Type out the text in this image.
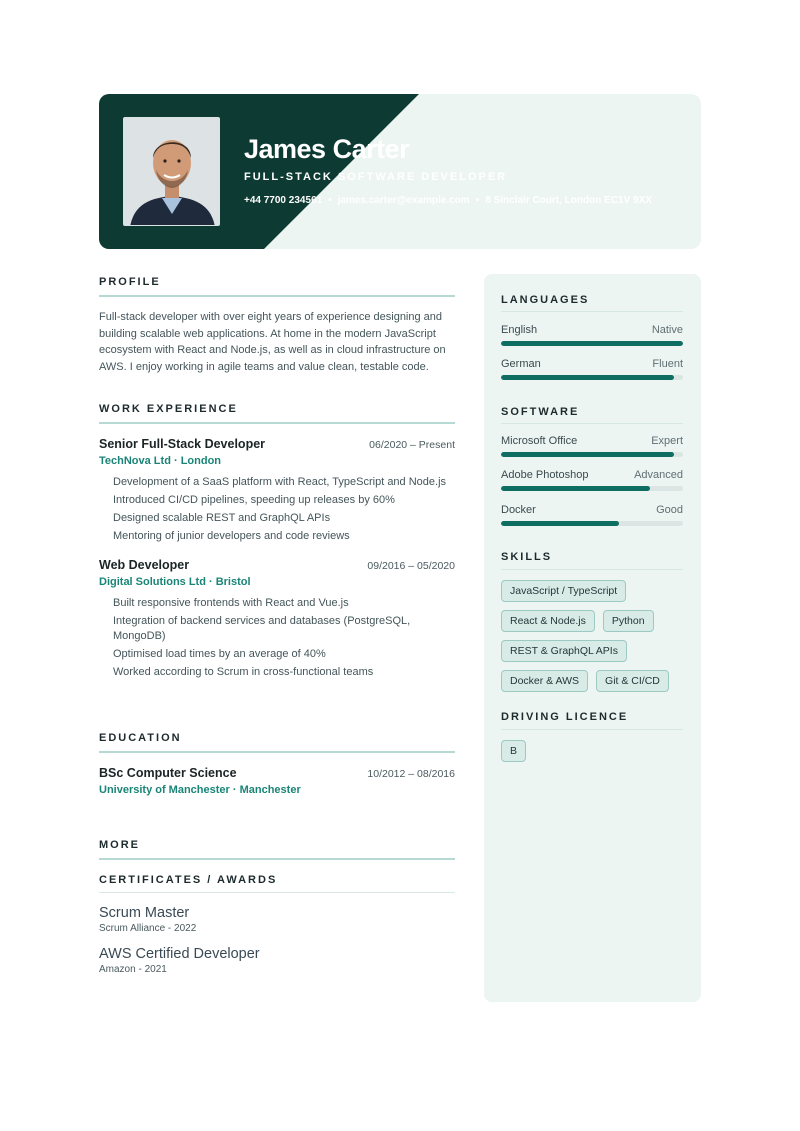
James Carter
FULL-STACK SOFTWARE DEVELOPER
+44 7700 234561 • james.carter@example.com • 8 Sinclair Court, London EC1V 9XX
PROFILE
Full-stack developer with over eight years of experience designing and building scalable web applications. At home in the modern JavaScript ecosystem with React and Node.js, as well as in cloud infrastructure on AWS. I enjoy working in agile teams and value clean, testable code.
WORK EXPERIENCE
Senior Full-Stack Developer	06/2020 – Present
TechNova Ltd · London
Development of a SaaS platform with React, TypeScript and Node.js
Introduced CI/CD pipelines, speeding up releases by 60%
Designed scalable REST and GraphQL APIs
Mentoring of junior developers and code reviews
Web Developer	09/2016 – 05/2020
Digital Solutions Ltd · Bristol
Built responsive frontends with React and Vue.js
Integration of backend services and databases (PostgreSQL, MongoDB)
Optimised load times by an average of 40%
Worked according to Scrum in cross-functional teams
EDUCATION
BSc Computer Science	10/2012 – 08/2016
University of Manchester · Manchester
MORE
CERTIFICATES / AWARDS
Scrum Master
Scrum Alliance - 2022
AWS Certified Developer
Amazon - 2021
LANGUAGES
English	Native
German	Fluent
SOFTWARE
Microsoft Office	Expert
Adobe Photoshop	Advanced
Docker	Good
SKILLS
JavaScript / TypeScript
React & Node.js	Python
REST & GraphQL APIs
Docker & AWS	Git & CI/CD
DRIVING LICENCE
B
